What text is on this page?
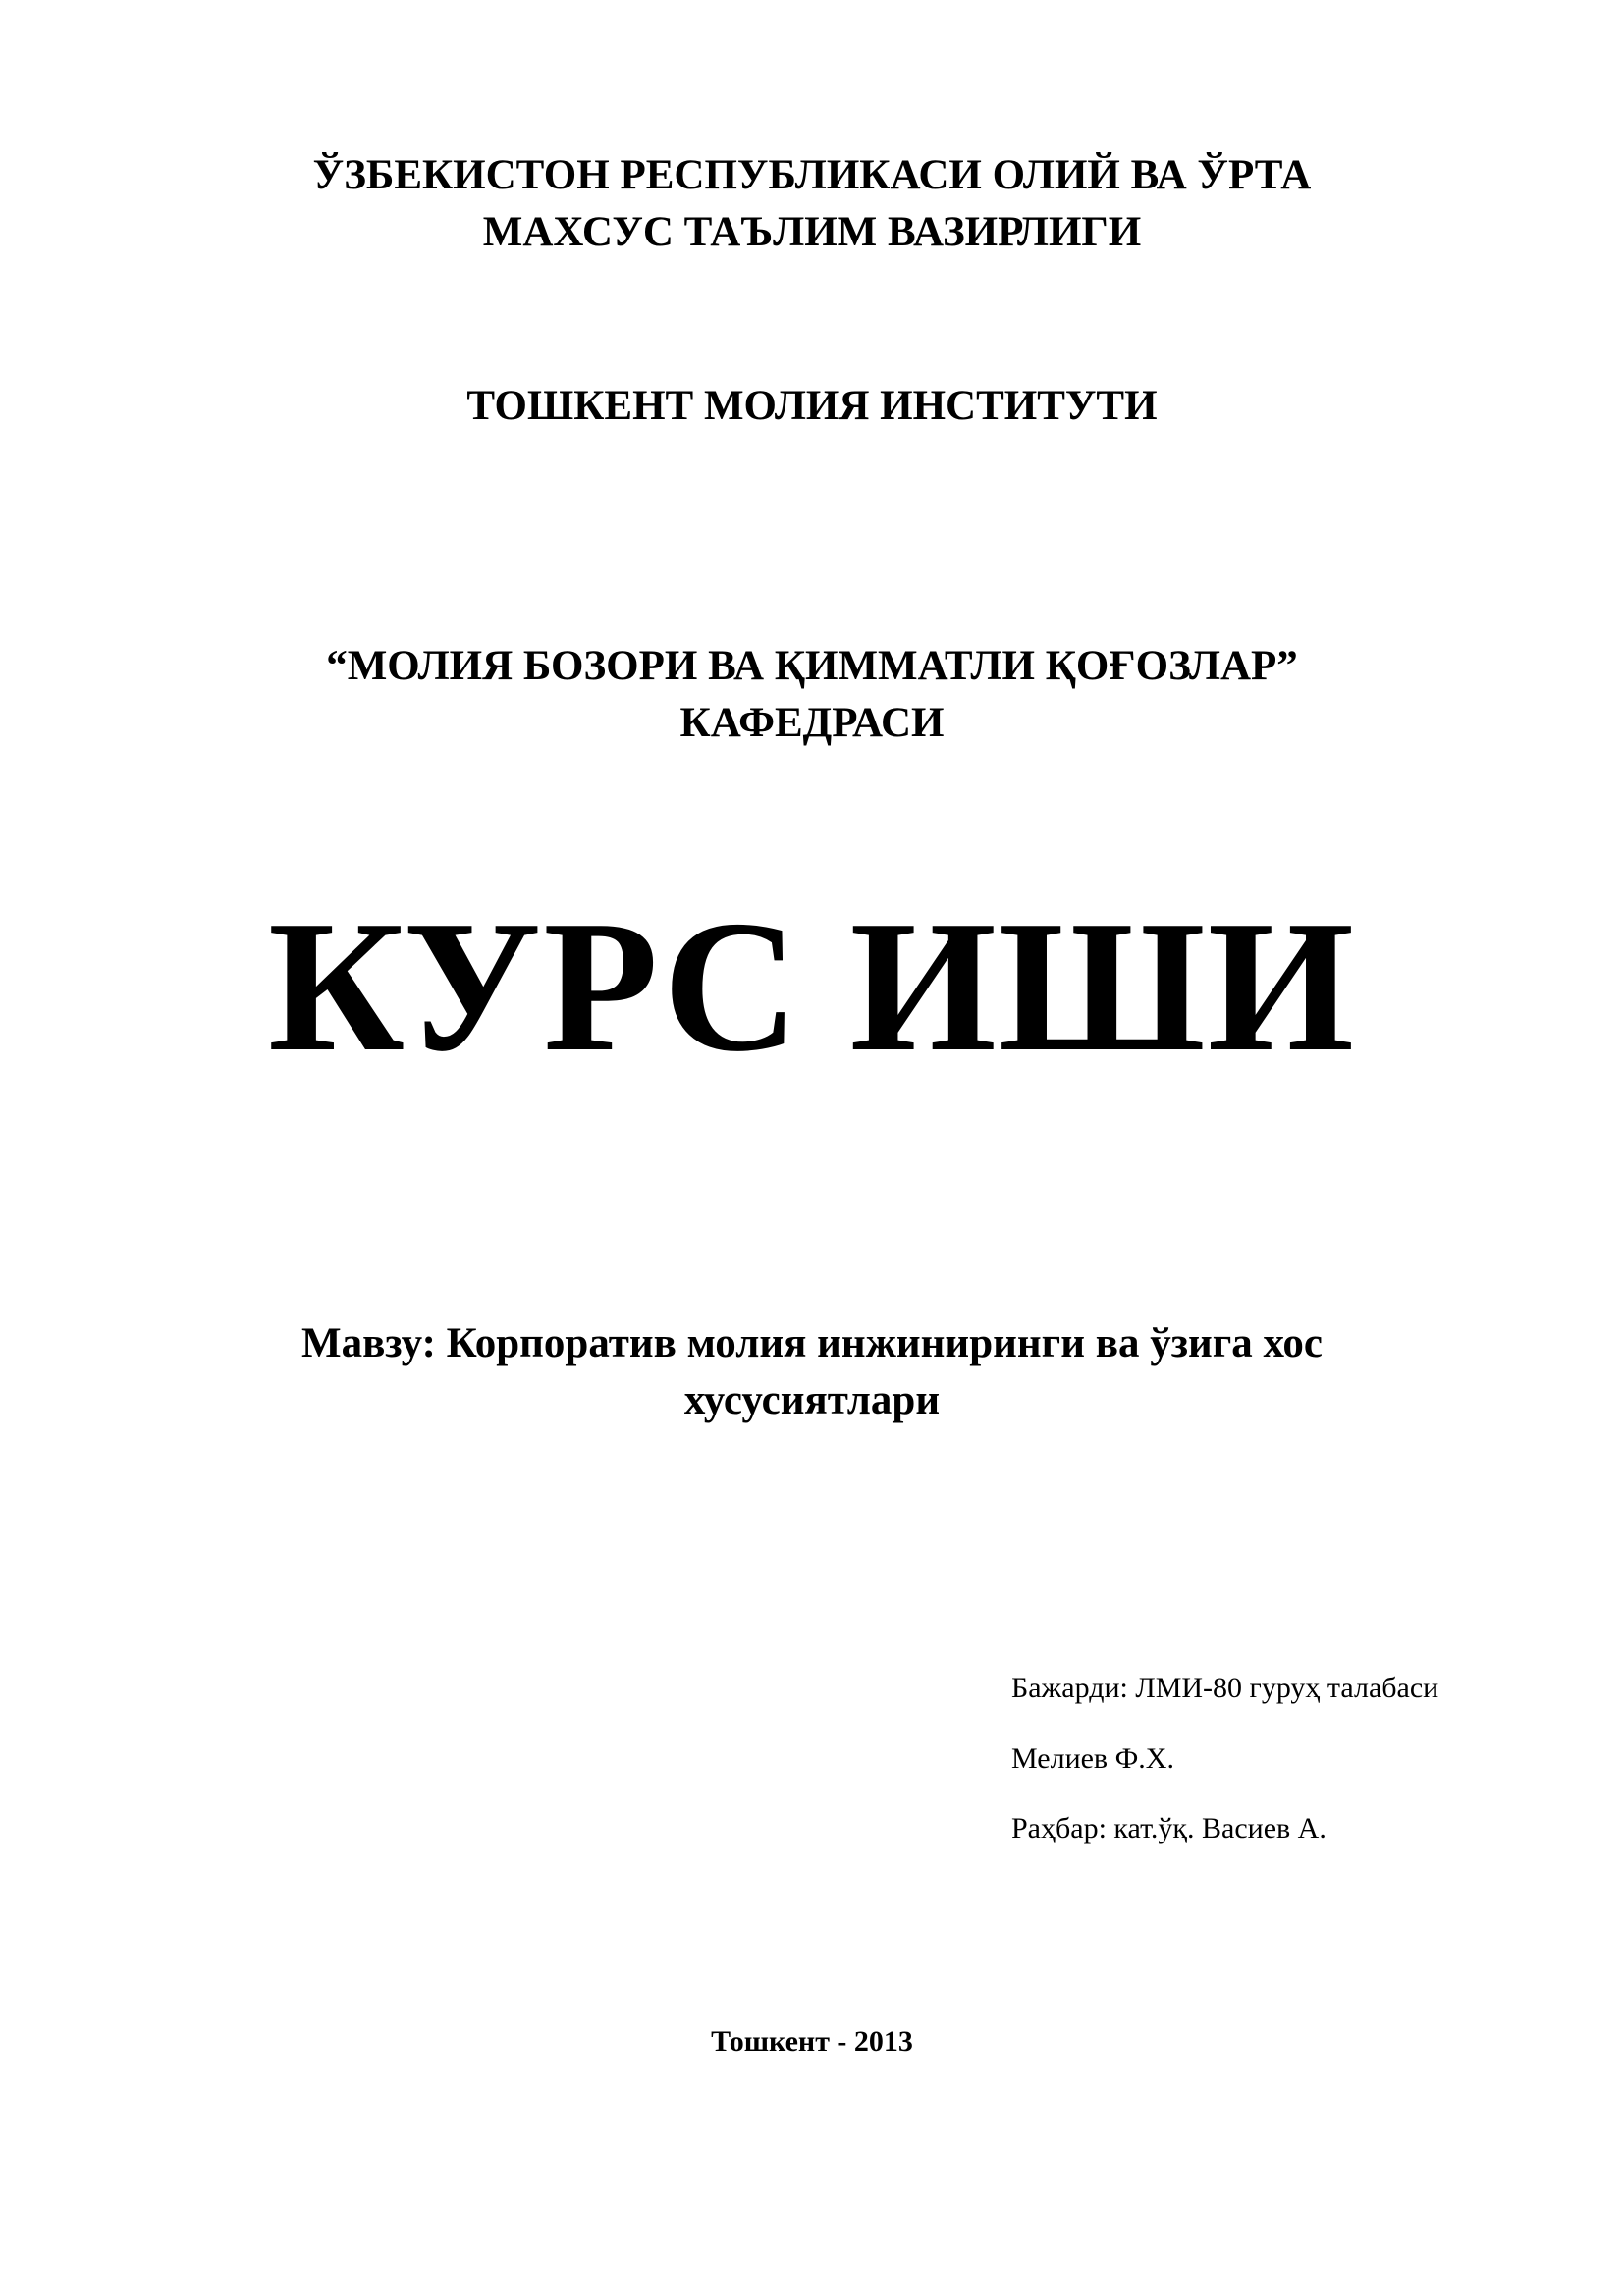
ЎЗБЕКИСТОН РЕСПУБЛИКАСИ ОЛИЙ ВА ЎРТА
МАХСУС ТАЪЛИМ ВАЗИРЛИГИ
ТОШКЕНТ МОЛИЯ ИНСТИТУТИ
“МОЛИЯ БОЗОРИ ВА ҚИММАТЛИ ҚОҒОЗЛАР”
КАФЕДРАСИ
КУРС ИШИ
Мавзу: Корпоратив молия инжиниринги ва ўзига хос
хусусиятлари
Бажарди: ЛМИ-80 гуруҳ талабаси
Мелиев Ф.Х.
Раҳбар: кат.ўқ. Васиев А.
Тошкент - 2013
